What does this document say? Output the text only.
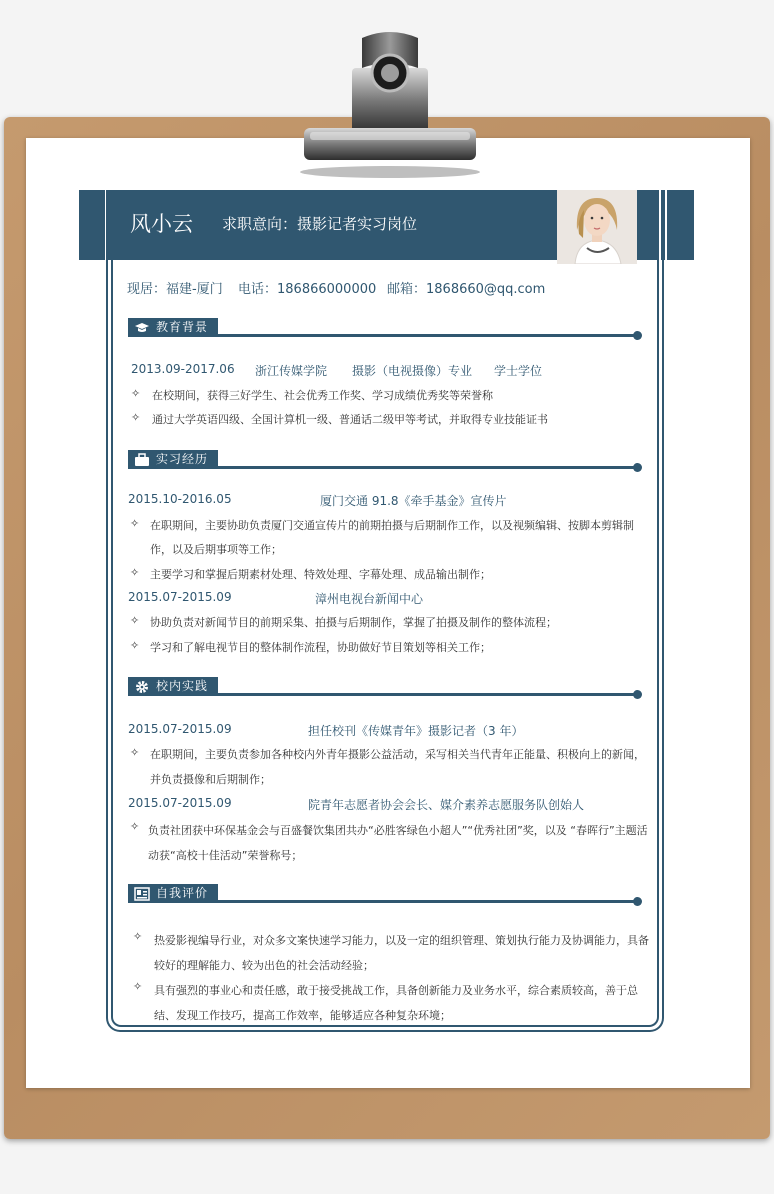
风小云 求职意向：摄影记者实习岗位
现居：福建-厦门 电话：186866000000 邮箱：1868660@qq.com
教育背景
2013.09-2017.06 浙江传媒学院 摄影（电视摄像）专业 学士学位
✧ 在校期间，获得三好学生、社会优秀工作奖、学习成绩优秀奖等荣誉称
✧ 通过大学英语四级、全国计算机一级、普通话二级甲等考试，并取得专业技能证书
实习经历
2015.10-2016.05	厦门交通 91.8《牵手基金》宣传片
✧ 在职期间，主要协助负责厦门交通宣传片的前期拍摄与后期制作工作，以及视频编辑、按脚本剪辑制
作，以及后期事项等工作；
✧ 主要学习和掌握后期素材处理、特效处理、字幕处理、成品输出制作；
2015.07-2015.09	漳州电视台新闻中心
✧ 协助负责对新闻节目的前期采集、拍摄与后期制作，掌握了拍摄及制作的整体流程；
✧ 学习和了解电视节目的整体制作流程，协助做好节目策划等相关工作；
校内实践
2015.07-2015.09	担任校刊《传媒青年》摄影记者（3 年）
✧ 在职期间，主要负责参加各种校内外青年摄影公益活动，采写相关当代青年正能量、积极向上的新闻，
并负责摄像和后期制作；
2015.07-2015.09	院青年志愿者协会会长、媒介素养志愿服务队创始人
✧ 负责社团获中环保基金会与百盛餐饮集团共办“必胜客绿色小超人”“优秀社团”奖，以及 “春晖行”主题活动获“高校十佳活动”荣誉称号；
自我评价
✧ 热爱影视编导行业，对众多文案快速学习能力，以及一定的组织管理、策划执行能力及协调能力，具备较好的理解能力、较为出色的社会活动经验；
✧ 具有强烈的事业心和责任感，敢于接受挑战工作，具备创新能力及业务水平，综合素质较高，善于总结、发现工作技巧，提高工作效率，能够适应各种复杂环境；
